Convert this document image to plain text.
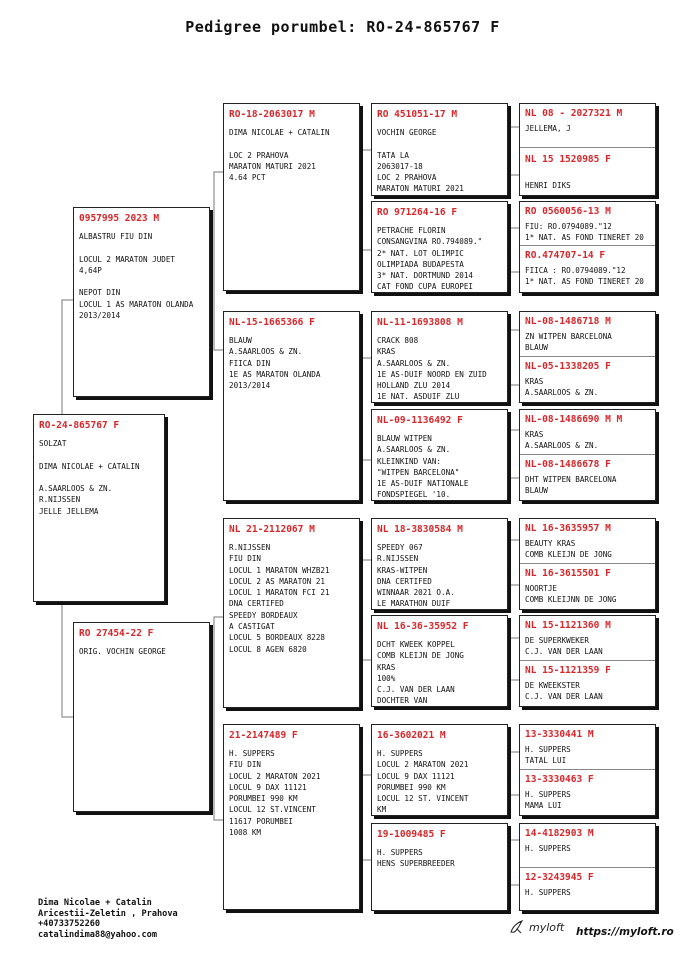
Pedigree porumbel: RO-24-865767 F
RO-24-865767 F
SOLZAT
DIMA NICOLAE + CATALIN
A.SAARLOOS & ZN.
R.NIJSSEN
JELLE JELLEMA
0957995 2023 M
ALBASTRU FIU DIN
LOCUL 2 MARATON JUDET
4,64P
NEPOT DIN
LOCUL 1 AS MARATON OLANDA
2013/2014
RO 27454-22 F
ORIG. VOCHIN GEORGE
RO-18-2063017 M
DIMA NICOLAE + CATALIN
LOC 2 PRAHOVA
MARATON MATURI 2021
4.64 PCT
NL-15-1665366 F
BLAUW
A.SAARLOOS & ZN.
FIICA DIN
1E AS MARATON OLANDA
2013/2014
NL 21-2112067 M
R.NIJSSEN
FIU DIN
LOCUL 1 MARATON WHZB21
LOCUL 2 AS MARATON 21
LOCUL 1 MARATON FCI 21
DNA CERTIFED
SPEEDY BORDEAUX
A CASTIGAT
LOCUL 5 BORDEAUX 8228
LOCUL 8 AGEN 6820
21-2147489 F
H. SUPPERS
FIU DIN
LOCUL 2 MARATON 2021
LOCUL 9 DAX 11121
PORUMBEI 990 KM
LOCUL 12 ST.VINCENT
11617 PORUMBEI
1008 KM
RO 451051-17 M
VOCHIN GEORGE
TATA LA
2063017-18
LOC 2 PRAHOVA
MARATON MATURI 2021
RO 971264-16 F
PETRACHE FLORIN
CONSANGVINA RO.794089."
2* NAT. LOT OLIMPIC
OLIMPIADA BUDAPESTA
3* NAT. DORTMUND 2014
CAT FOND CUPA EUROPEI
NL-11-1693808 M
CRACK 808
KRAS
A.SAARLOOS & ZN.
1E AS-DUIF NOORD EN ZUID
HOLLAND ZLU 2014
1E NAT. ASDUIF ZLU
NL-09-1136492 F
BLAUW WITPEN
A.SAARLOOS & ZN.
KLEINKIND VAN:
"WITPEN BARCELONA"
1E AS-DUIF NATIONALE
FONDSPIEGEL '10.
NL 18-3830584 M
SPEEDY 067
R.NIJSSEN
KRAS-WITPEN
DNA CERTIFED
WINNAAR 2021 O.A.
LE MARATHON DUIF
NL 16-36-35952 F
DCHT KWEEK KOPPEL
COMB KLEIJN DE JONG
KRAS
100%
C.J. VAN DER LAAN
DOCHTER VAN
16-3602021 M
H. SUPPERS
LOCUL 2 MARATON 2021
LOCUL 9 DAX 11121
PORUMBEI 990 KM
LOCUL 12 ST. VINCENT
KM
19-1009485 F
H. SUPPERS
HENS SUPERBREEDER
NL 08 - 2027321 M
JELLEMA, J
NL 15 1520985 F
HENRI DIKS
RO 0560056-13 M
FIU: RO.0794089."12
1* NAT. AS FOND TINERET 20
RO.474707-14 F
FIICA : RO.0794089."12
1* NAT. AS FOND TINERET 20
NL-08-1486718 M
ZN WITPEN BARCELONA
BLAUW
NL-05-1338205 F
KRAS
A.SAARLOOS & ZN.
NL-08-1486690 M M
KRAS
A.SAARLOOS & ZN.
NL-08-1486678 F
DHT WITPEN BARCELONA
BLAUW
NL 16-3635957 M
BEAUTY KRAS
COMB KLEIJN DE JONG
NL 16-3615501 F
NOORTJE
COMB KLEIJNN DE JONG
NL 15-1121360 M
DE SUPERKWEKER
C.J. VAN DER LAAN
NL 15-1121359 F
DE KWEEKSTER
C.J. VAN DER LAAN
13-3330441 M
H. SUPPERS
TATAL LUI
13-3330463 F
H. SUPPERS
MAMA LUI
14-4182903 M
H. SUPPERS
12-3243945 F
H. SUPPERS
Dima Nicolae + Catalin
Aricestii-Zeletin , Prahova
+40733752260
catalindima88@yahoo.com
myloft https://myloft.ro
